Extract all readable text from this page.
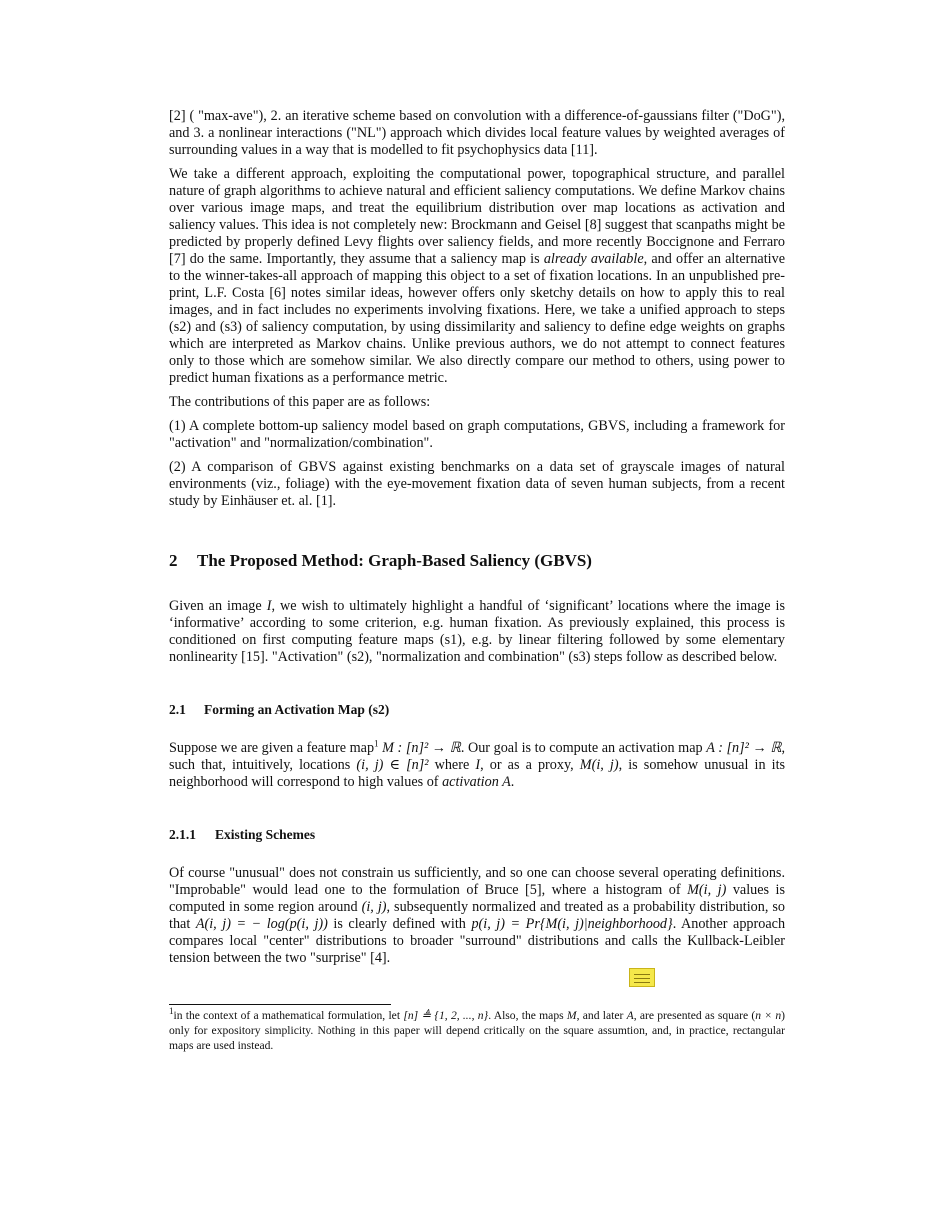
[2] ( "max-ave"), 2. an iterative scheme based on convolution with a difference-of-gaussians filter ("DoG"), and 3. a nonlinear interactions ("NL") approach which divides local feature values by weighted averages of surrounding values in a way that is modelled to fit psychophysics data [11].

We take a different approach, exploiting the computational power, topographical structure, and parallel nature of graph algorithms to achieve natural and efficient saliency computations. We define Markov chains over various image maps, and treat the equilibrium distribution over map locations as activation and saliency values. This idea is not completely new: Brockmann and Geisel [8] suggest that scanpaths might be predicted by properly defined Levy flights over saliency fields, and more recently Boccignone and Ferraro [7] do the same. Importantly, they assume that a saliency map is already available, and offer an alternative to the winner-takes-all approach of mapping this object to a set of fixation locations. In an unpublished pre-print, L.F. Costa [6] notes similar ideas, however offers only sketchy details on how to apply this to real images, and in fact includes no experiments involving fixations. Here, we take a unified approach to steps (s2) and (s3) of saliency computation, by using dissimilarity and saliency to define edge weights on graphs which are interpreted as Markov chains. Unlike previous authors, we do not attempt to connect features only to those which are somehow similar. We also directly compare our method to others, using power to predict human fixations as a performance metric.

The contributions of this paper are as follows:

(1) A complete bottom-up saliency model based on graph computations, GBVS, including a framework for "activation" and "normalization/combination".

(2) A comparison of GBVS against existing benchmarks on a data set of grayscale images of natural environments (viz., foliage) with the eye-movement fixation data of seven human subjects, from a recent study by Einhäuser et. al. [1].

2 The Proposed Method: Graph-Based Saliency (GBVS)

Given an image I, we wish to ultimately highlight a handful of ‘significant’ locations where the image is ‘informative’ according to some criterion, e.g. human fixation. As previously explained, this process is conditioned on first computing feature maps (s1), e.g. by linear filtering followed by some elementary nonlinearity [15]. "Activation" (s2), "normalization and combination" (s3) steps follow as described below.

2.1 Forming an Activation Map (s2)

Suppose we are given a feature map$^1$ M : [n]² → ℝ. Our goal is to compute an activation map A : [n]² → ℝ, such that, intuitively, locations (i, j) ∈ [n]² where I, or as a proxy, M(i, j), is somehow unusual in its neighborhood will correspond to high values of activation A.

2.1.1 Existing Schemes

Of course "unusual" does not constrain us sufficiently, and so one can choose several operating definitions. "Improbable" would lead one to the formulation of Bruce [5], where a histogram of M(i, j) values is computed in some region around (i, j), subsequently normalized and treated as a probability distribution, so that A(i, j) = − log(p(i, j)) is clearly defined with p(i, j) = Pr{M(i, j)|neighborhood}. Another approach compares local "center" distributions to broader "surround" distributions and calls the Kullback-Leibler tension between the two "surprise" [4].

$^1$in the context of a mathematical formulation, let [n] ≜ {1, 2, ..., n}. Also, the maps M, and later A, are presented as square (n × n) only for expository simplicity. Nothing in this paper will depend critically on the square assumtion, and, in practice, rectangular maps are used instead.
